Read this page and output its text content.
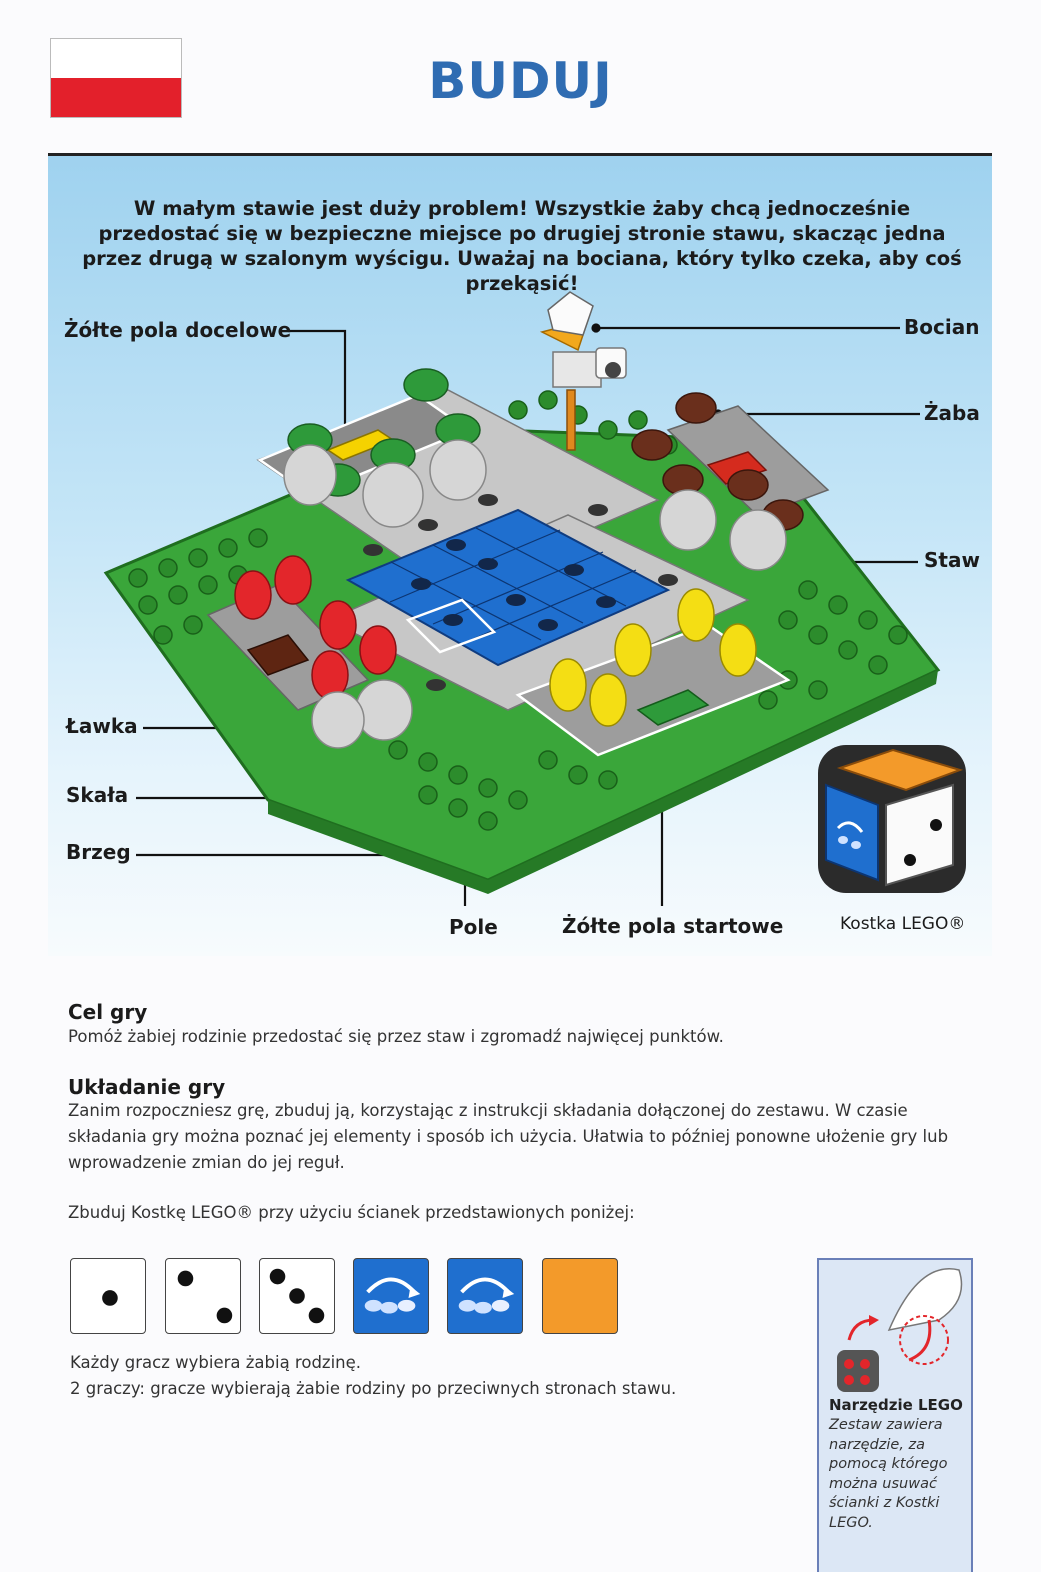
BUDUJ

W małym stawie jest duży problem! Wszystkie żaby chcą jednocześnie przedostać się w bezpieczne miejsce po drugiej stronie stawu, skacząc jedna przez drugą w szalonym wyścigu. Uważaj na bociana, który tylko czeka, aby coś przekąsić!

Żółte pola docelowe	Bocian
Żaba
Staw
Ławka
Skała
Brzeg
Pole	Żółte pola startowe	Kostka LEGO®
Cel gry

Pomóż żabiej rodzinie przedostać się przez staw i zgromadź najwięcej punktów.

Układanie gry

Zanim rozpoczniesz grę, zbuduj ją, korzystając z instrukcji składania dołączonej do zestawu. W czasie składania gry można poznać jej elementy i sposób ich użycia. Ułatwia to później ponowne ułożenie gry lub wprowadzenie zmian do jej reguł.

Zbuduj Kostkę LEGO® przy użyciu ścianek przedstawionych poniżej:

Każdy gracz wybiera żabią rodzinę.

2 graczy: gracze wybierają żabie rodziny po przeciwnych stronach stawu.

Narzędzie LEGO

Zestaw zawiera narzędzie, za pomocą którego można usuwać ścianki z Kostki LEGO.
